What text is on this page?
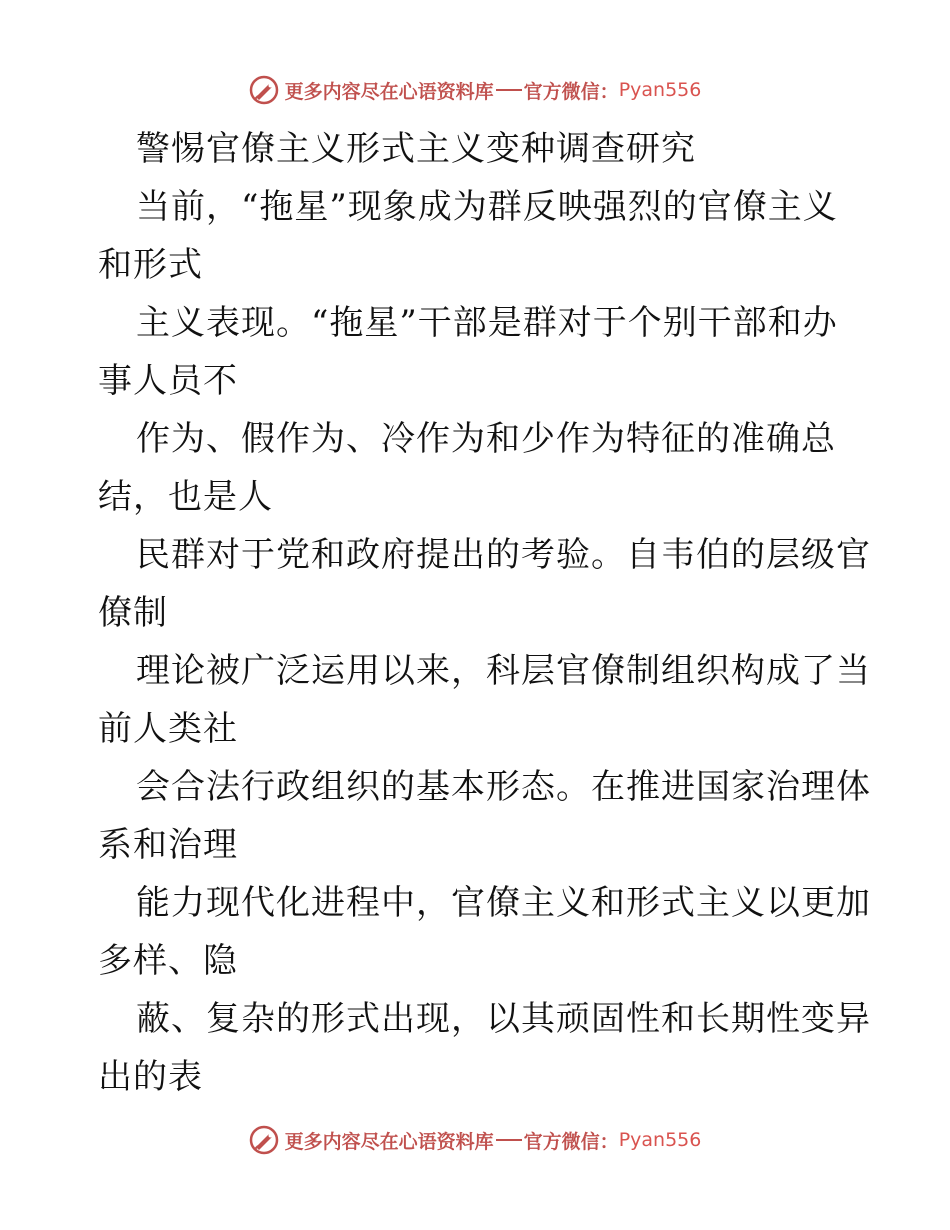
更多内容尽在心语资料库 官方微信： Pyan556
警惕官僚主义形式主义变种调查研究
当前，“拖星”现象成为群反映强烈的官僚主义
和形式
主义表现。“拖星”干部是群对于个别干部和办
事人员不
作为、假作为、冷作为和少作为特征的准确总
结，也是人
民群对于党和政府提出的考验。自韦伯的层级官
僚制
理论被广泛运用以来，科层官僚制组织构成了当
前人类社
会合法行政组织的基本形态。在推进国家治理体
系和治理
能力现代化进程中，官僚主义和形式主义以更加
多样、隐
蔽、复杂的形式出现，以其顽固性和长期性变异
出的表
更多内容尽在心语资料库 官方微信： Pyan556
